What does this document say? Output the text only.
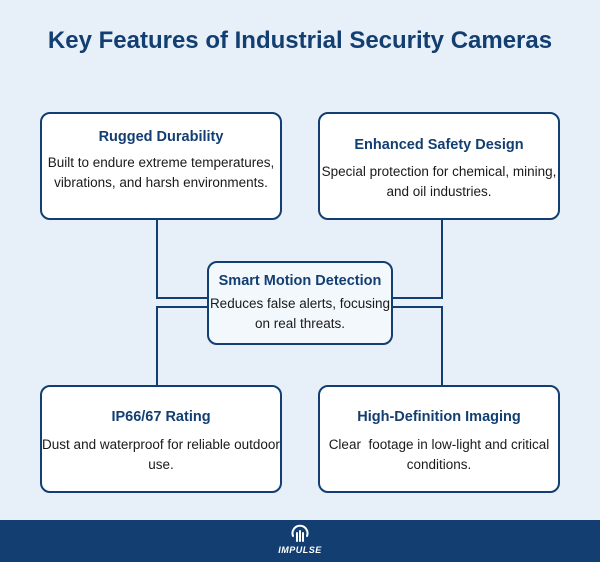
Key Features of Industrial Security Cameras
Rugged Durability

Built to endure extreme temperatures, vibrations, and harsh environments.

Enhanced Safety Design

Special protection for chemical, mining, and oil industries.

Smart Motion Detection

Reduces false alerts, focusing on real threats.

IP66/67 Rating

Dust and waterproof for reliable outdoor use.

High-Definition Imaging

Clear  footage in low-light and critical conditions.

IMPULSE
